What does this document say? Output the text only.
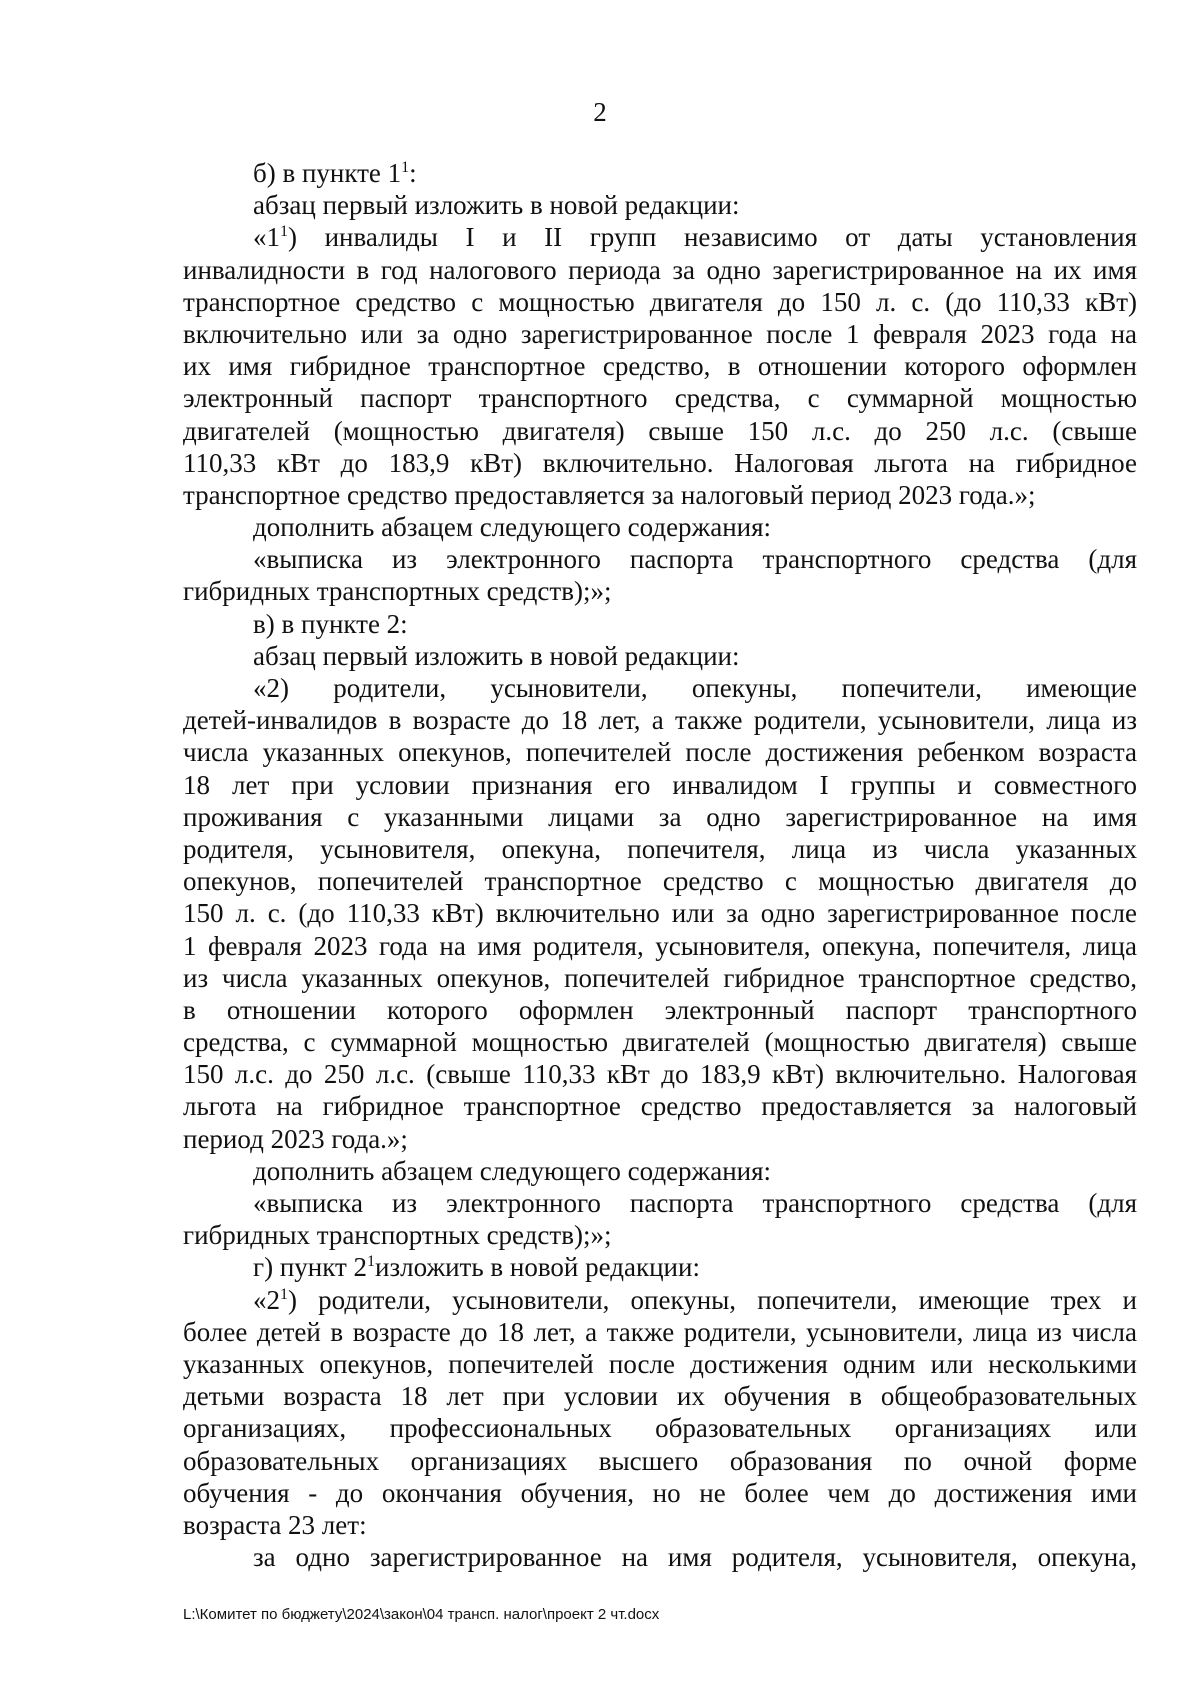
2
б) в пункте $1^1$:
абзац первый изложить в новой редакции:
«$1^1$) инвалиды I и II групп независимо от даты установления
инвалидности в год налогового периода за одно зарегистрированное на их имя
транспортное средство с мощностью двигателя до 150 л. с. (до 110,33 кВт)
включительно или за одно зарегистрированное после 1 февраля 2023 года на
их имя гибридное транспортное средство, в отношении которого оформлен
электронный паспорт транспортного средства, с суммарной мощностью
двигателей (мощностью двигателя) свыше 150 л.с. до 250 л.с. (свыше
110,33 кВт до 183,9 кВт) включительно. Налоговая льгота на гибридное
транспортное средство предоставляется за налоговый период 2023 года.»;
дополнить абзацем следующего содержания:
«выписка из электронного паспорта транспортного средства (для
гибридных транспортных средств);»;
в) в пункте 2:
абзац первый изложить в новой редакции:
«2) родители, усыновители, опекуны, попечители, имеющие
детей-инвалидов в возрасте до 18 лет, а также родители, усыновители, лица из
числа указанных опекунов, попечителей после достижения ребенком возраста
18 лет при условии признания его инвалидом I группы и совместного
проживания с указанными лицами за одно зарегистрированное на имя
родителя, усыновителя, опекуна, попечителя, лица из числа указанных
опекунов, попечителей транспортное средство с мощностью двигателя до
150 л. с. (до 110,33 кВт) включительно или за одно зарегистрированное после
1 февраля 2023 года на имя родителя, усыновителя, опекуна, попечителя, лица
из числа указанных опекунов, попечителей гибридное транспортное средство,
в отношении которого оформлен электронный паспорт транспортного
средства, с суммарной мощностью двигателей (мощностью двигателя) свыше
150 л.с. до 250 л.с. (свыше 110,33 кВт до 183,9 кВт) включительно. Налоговая
льгота на гибридное транспортное средство предоставляется за налоговый
период 2023 года.»;
дополнить абзацем следующего содержания:
«выписка из электронного паспорта транспортного средства (для
гибридных транспортных средств);»;
г) пункт $2^1изложить$ в новой редакции:
«$2^1$) родители, усыновители, опекуны, попечители, имеющие трех и
более детей в возрасте до 18 лет, а также родители, усыновители, лица из числа
указанных опекунов, попечителей после достижения одним или несколькими
детьми возраста 18 лет при условии их обучения в общеобразовательных
организациях, профессиональных образовательных организациях или
образовательных организациях высшего образования по очной форме
обучения - до окончания обучения, но не более чем до достижения ими
возраста 23 лет:
за одно зарегистрированное на имя родителя, усыновителя, опекуна,
L:\Комитет по бюджету\2024\закон\04 трансп. налог\проект 2 чт.docx
